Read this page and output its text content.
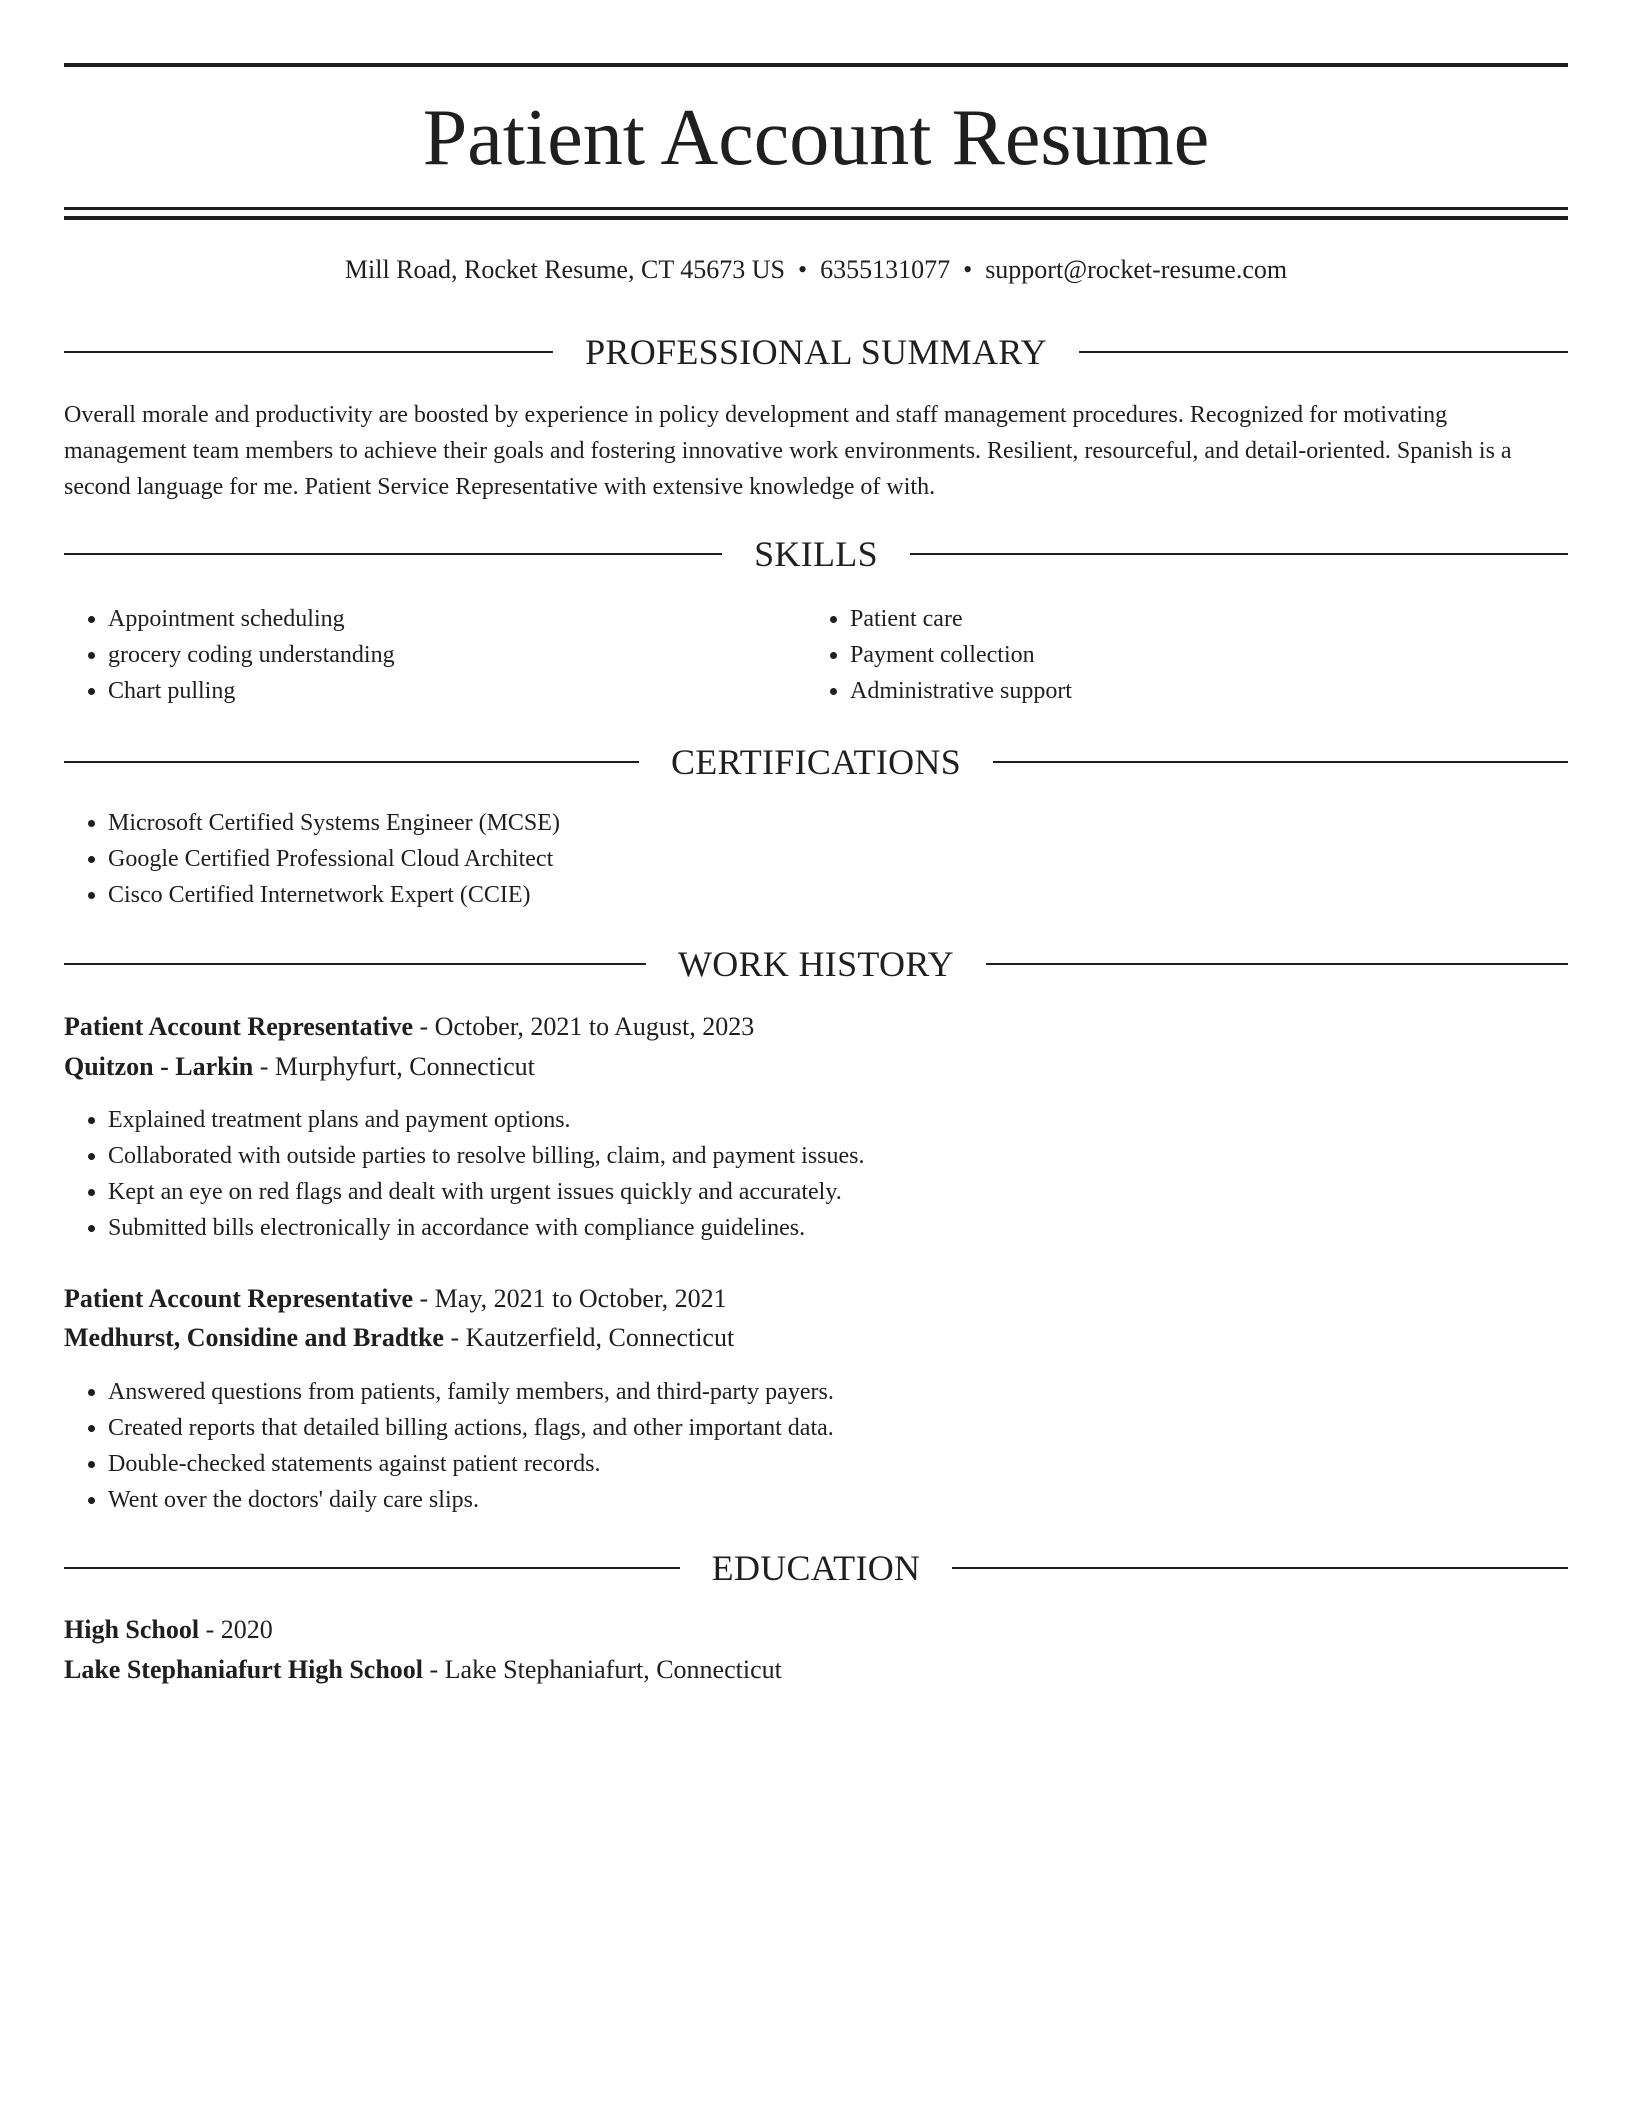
Patient Account Resume
Mill Road, Rocket Resume, CT 45673 US • 6355131077 • support@rocket-resume.com
PROFESSIONAL SUMMARY

Overall morale and productivity are boosted by experience in policy development and staff management procedures. Recognized for motivating management team members to achieve their goals and fostering innovative work environments. Resilient, resourceful, and detail-oriented. Spanish is a second language for me. Patient Service Representative with extensive knowledge of with.

SKILLS
• Appointment scheduling
• grocery coding understanding
• Chart pulling
• Patient care
• Payment collection
• Administrative support
CERTIFICATIONS
• Microsoft Certified Systems Engineer (MCSE)
• Google Certified Professional Cloud Architect
• Cisco Certified Internetwork Expert (CCIE)
WORK HISTORY
Patient Account Representative - October, 2021 to August, 2023
Quitzon - Larkin - Murphyfurt, Connecticut
• Explained treatment plans and payment options.
• Collaborated with outside parties to resolve billing, claim, and payment issues.
• Kept an eye on red flags and dealt with urgent issues quickly and accurately.
• Submitted bills electronically in accordance with compliance guidelines.
Patient Account Representative - May, 2021 to October, 2021
Medhurst, Considine and Bradtke - Kautzerfield, Connecticut
• Answered questions from patients, family members, and third-party payers.
• Created reports that detailed billing actions, flags, and other important data.
• Double-checked statements against patient records.
• Went over the doctors' daily care slips.
EDUCATION
High School - 2020
Lake Stephaniafurt High School - Lake Stephaniafurt, Connecticut
